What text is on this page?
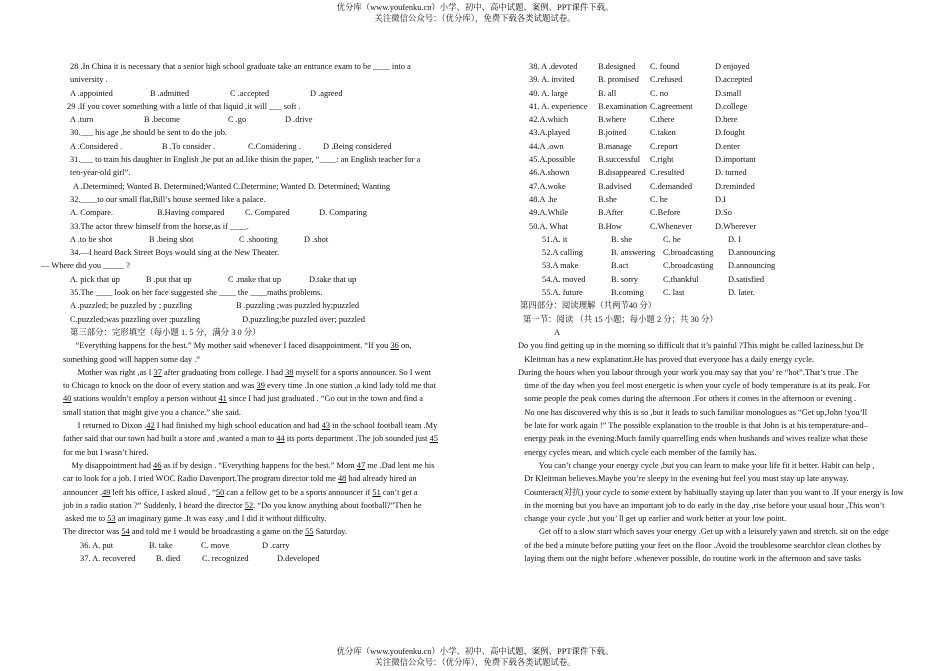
优分库（www.youfenku.cn）小学、初中、高中试题、案例、PPT课件下载。
关注微信公众号：（优分库），免费下载各类试题试卷。
28 .In China it is necessary that a senior high school graduate take an entrance exam to be ____ into a
university .
A .appointed	B .admitted	C .accepted	D .agreed
29 .If you cover something with a little of that liquid ,it will ___ soft .
A .turn	B .become	C .go	D .drive
30.___ his age ,he should be sent to do the job.
A .Considered .	B .To consider .	C.Considering .	D .Being considered
31.___ to train his daughter in English ,he put an ad.like thisin the paper, “____: an English teacher for a
ten-year-old girl”.
A .Determined; Wanted B. Determined;Wanted C.Determine; Wanted D. Determined; Wanting
32.____to our small flat,Bill’s house seemed like a palace.
A. Compare.	B.Having compared C. Compared	D. Comparing
33.The actor threw himself from the horse,as if ____.
A .to be shot	B .being shot	C .shooting	D .shot
34.—I heard Back Street Boys would sing at the New Theater.
— Where did you _____ ?
A. pick that up	B .put that up	C .make that up	D.take that up
35.The ____ look on her face suggested she ____ the ____maths problems.
A .puzzled; be puzzled by ; puzzling                     B .puzzling ;was puzzled by;puzzled
C.puzzled;was puzzling over ;puzzling                    D.puzzling;be puzzled over; puzzled
第三部分：完形填空（每小题 1. 5 分，满分 3 0 分）
“Everything happens for the best.” My mother said whenever I faced disappointment. “If you 36 on,
something good will happen some day .”
Mother was right ,as I 37 after graduating from college. I had 38 myself for a sports announcer. So I went
to Chicago to knock on the door of every station and was 39 every time .In one station ,a kind lady told me that
40 stations wouldn’t employ a person without 41 since I had just graduated . “Go out in the town and find a
small station that might give you a chance.” she said.
I returned to Dixon .42 I had finished my high school education and had 43 in the school football team .My
father said that our town had built a store and ,wanted a man to 44 its ports department .The job sounded just 45
for me but I wasn’t hired.
My disappointment had 46 as if by design . “Everything happens for the best.” Mom 47 me .Dad lent me his
car to look for a job. I tried WOC Radio Davenport.The program director told me 48 had already hired an
announcer .49 left his office, I asked aloud , “50 can a fellow get to be a sports announcer if 51 can’t get a
job in a radio station ?” Suddenly, I heard the director 52. “Do you know anything about football?”Then he
asked me to 53 an imaginary game .It was easy ,and I did it without difficulty.
The director was 54 and told me I would be broadcasting a game on the 55 Saturday.
36. A. put	B. take	C. move	D .carry
37. A. recovered B. died	C. recognized	D.developed
38. A .devoted B.designed C. found	D enjoyed
39. A. invited	B. promised C.refused	D.accepted
40. A. large	B. all	C. no	D.small
41. A. experience B.examination C.agreement	D.college
42.A.which	B.where	C.there	D.here
43.A.played	B.joined	C.taken	D.fought
44.A .own	B.manage C.report	D.enter
45.A.possible	B.successful C.right	D.important
46.A.shown	B.disappeared C.resulted	D. turned
47.A.woke	B.advised C.demanded	D.reminded
48.A .he	B.she	C. he	D.I
49.A.While	B.After	C.Before	D.So
50.A. What	B.How	C.Whenever	D.Wherever
51.A. it	B. she	C. he	D. I
52.A calling	B. answering C.broadcasting D.announcing
53.A make	B.act	C.broadcasting D.announcing
54.A. moved	B. sorry	C.thankful	D.satisfied
55.A. future	B.coming C. last	D. later.
第四部分：阅读理解（共两节40 分）
第一节：阅读 （共 15 小题；每小题 2 分；共 30 分）
A
Do you find getting up in the morning so difficult that it’s painful ?This might be called laziness,but Dr
Kleitman has a new explanation.He has proved that everyone has a daily energy cycle.
During the hours when you labour through your work you may say that you’ re “hot”.That’s true .The
time of the day when you feel most energetic is when your cycle of body temperature is at its peak. For
some people the peak comes during the afternoon .For others it comes in the afternoon or evening .
No one has discovered why this is so ,but it leads to such familiar monologues as “Get up,John !you’ll
be late for work again !” The possible explanation to the trouble is that John is at his temperature-and–
energy peak in the evening.Much family quarrelling ends when husbands and wives realize what these
energy cycles mean, and which cycle each member of the family has.
You can’t change your energy cycle ,but you can learn to make your life fit it better. Habit can help ,
Dr Kleitman believes.Maybe you’re sleepy in the evening but feel you must stay up late anyway.
Counteract(对抗) your cycle to some extent by habitually staying up later than you want to .If your energy is low
in the morning but you have an important job to do early in the day ,rise before your usual hour ,This won’t
change your cycle ,but you’ ll get up earlier and work better at your low point.
Get off to a slow start which saves your energy .Get up with a leisurely yawn and stretch. sit on the edge
of the bed a minute before putting your feet on the floor .Avoid the troublesome searchfor clean clothes by
laying them out the night before .whenever possible, do routine work in the afternoon and save tasks
优分库（www.youfenku.cn）小学、初中、高中试题、案例、PPT课件下载。
关注微信公众号：（优分库），免费下载各类试题试卷。
